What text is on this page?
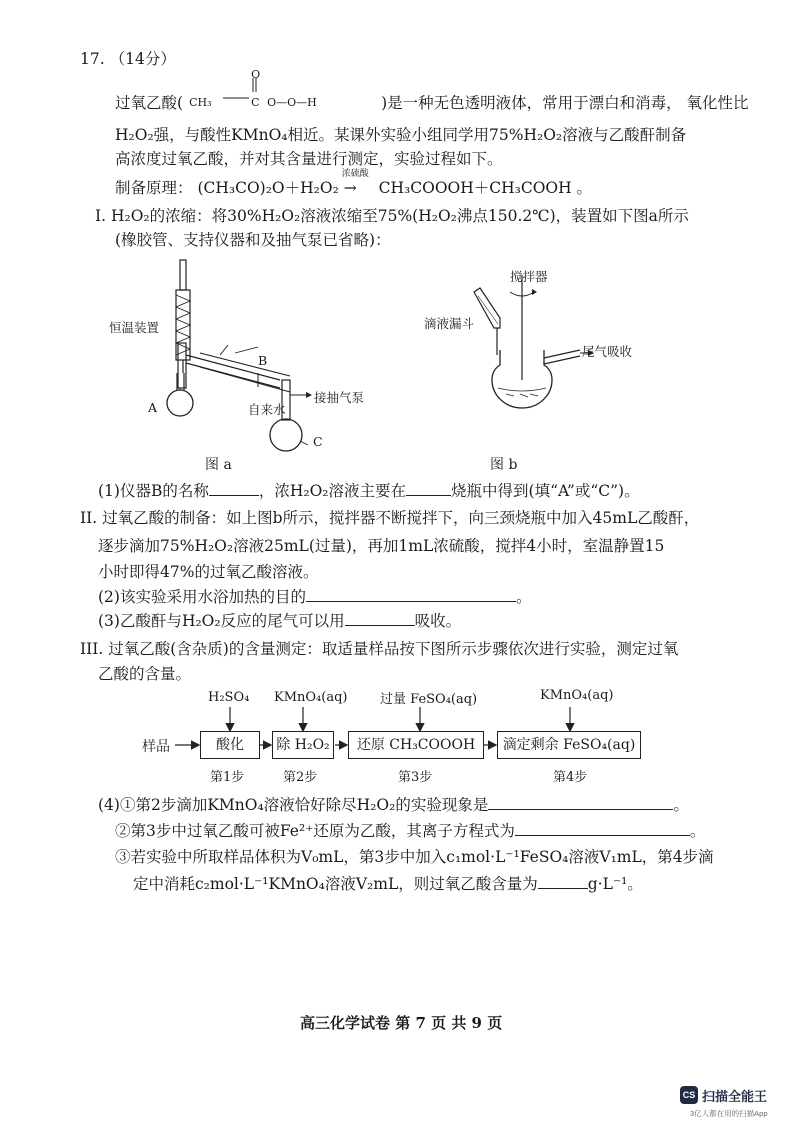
17. （14分）
过氧乙酸( CH₃
O
C O—O—H	)是一种无色透明液体，常用于漂白和消毒， 氧化性比
H₂O₂强，与酸性KMnO₄相近。某课外实验小组同学用75%H₂O₂溶液与乙酸酐制备
高浓度过氧乙酸，并对其含量进行测定，实验过程如下。
制备原理： (CH₃CO)₂O＋H₂O₂
浓硫酸
→ CH₃COOOH＋CH₃COOH 。
I. H₂O₂的浓缩：将30%H₂O₂溶液浓缩至75%(H₂O₂沸点150.2℃)，装置如下图a所示
(橡胶管、支持仪器和及抽气泵已省略)：
恒温装置
B
A	自来水
接抽气泵
C
图 a
搅拌器
滴液漏斗
尾气吸收
图 b
(1)仪器B的名称	，浓H₂O₂溶液主要在	烧瓶中得到(填“A”或“C”)。
II. 过氧乙酸的制备：如上图b所示，搅拌器不断搅拌下，向三颈烧瓶中加入45mL乙酸酐，
逐步滴加75%H₂O₂溶液25mL(过量)，再加1mL浓硫酸，搅拌4小时，室温静置15
小时即得47%的过氧乙酸溶液。
(2)该实验采用水浴加热的目的	。
(3)乙酸酐与H₂O₂反应的尾气可以用	吸收。
III. 过氧乙酸(含杂质)的含量测定：取适量样品按下图所示步骤依次进行实验，测定过氧
乙酸的含量。
H₂SO₄ KMnO₄(aq)	过量 FeSO₄(aq)	KMnO₄(aq)
样品	酸化	除 H₂O₂	还原 CH₃COOOH	滴定剩余 FeSO₄(aq)
第1步	第2步	第3步	第4步
(4)①第2步滴加KMnO₄溶液恰好除尽H₂O₂的实验现象是	。
②第3步中过氧乙酸可被Fe²⁺还原为乙酸，其离子方程式为	。
③若实验中所取样品体积为V₀mL，第3步中加入c₁mol·L⁻¹FeSO₄溶液V₁mL，第4步滴
定中消耗c₂mol·L⁻¹KMnO₄溶液V₂mL，则过氧乙酸含量为	g·L⁻¹。
高三化学试卷 第 7 页 共 9 页
CS 扫描全能王
3亿人都在用的扫描App
